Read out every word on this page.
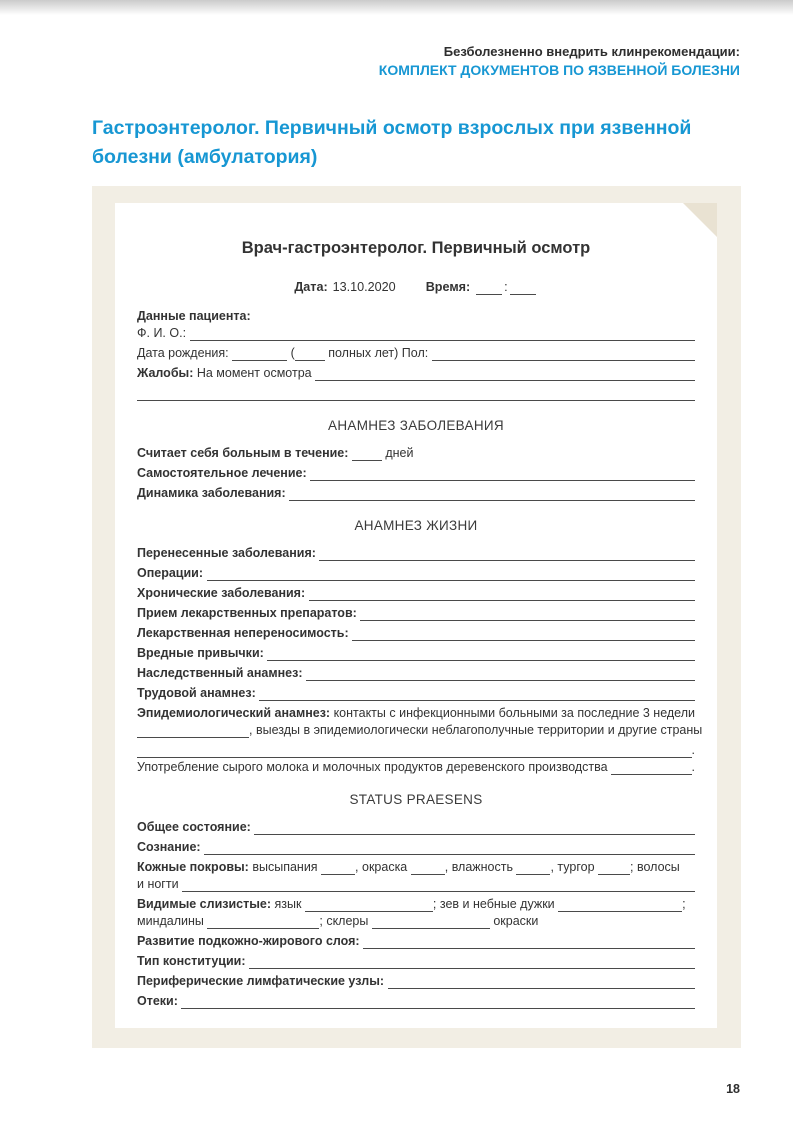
Безболезненно внедрить клинрекомендации:
КОМПЛЕКТ ДОКУМЕНТОВ ПО ЯЗВЕННОЙ БОЛЕЗНИ
Гастроэнтеролог. Первичный осмотр взрослых при язвенной
болезни (амбулатория)
Врач-гастроэнтеролог. Первичный осмотр
Дата: 13.10.2020 Время:	:
Данные пациента:
Ф. И. О.:
Дата рождения:	( полных лет) Пол:
Жалобы: На момент осмотра
АНАМНЕЗ ЗАБОЛЕВАНИЯ
Считает себя больным в течение: дней
Самостоятельное лечение:
Динамика заболевания:
АНАМНЕЗ ЖИЗНИ
Перенесенные заболевания:
Операции:
Хронические заболевания:
Прием лекарственных препаратов:
Лекарственная непереносимость:
Вредные привычки:
Наследственный анамнез:
Трудовой анамнез:
Эпидемиологический анамнез: контакты с инфекционными больными за последние 3 недели
, выезды в эпидемиологически неблагополучные территории и другие страны
.
Употребление сырого молока и молочных продуктов деревенского производства	.
STATUS PRAESENS
Общее состояние:
Сознание:
Кожные покровы: высыпания	, окраска	, влажность	, тургор	; волосы
и ногти
Видимые слизистые: язык	; зев и небные дужки	;
миндалины	; склеры	окраски
Развитие подкожно-жирового слоя:
Тип конституции:
Периферические лимфатические узлы:
Отеки:
18
